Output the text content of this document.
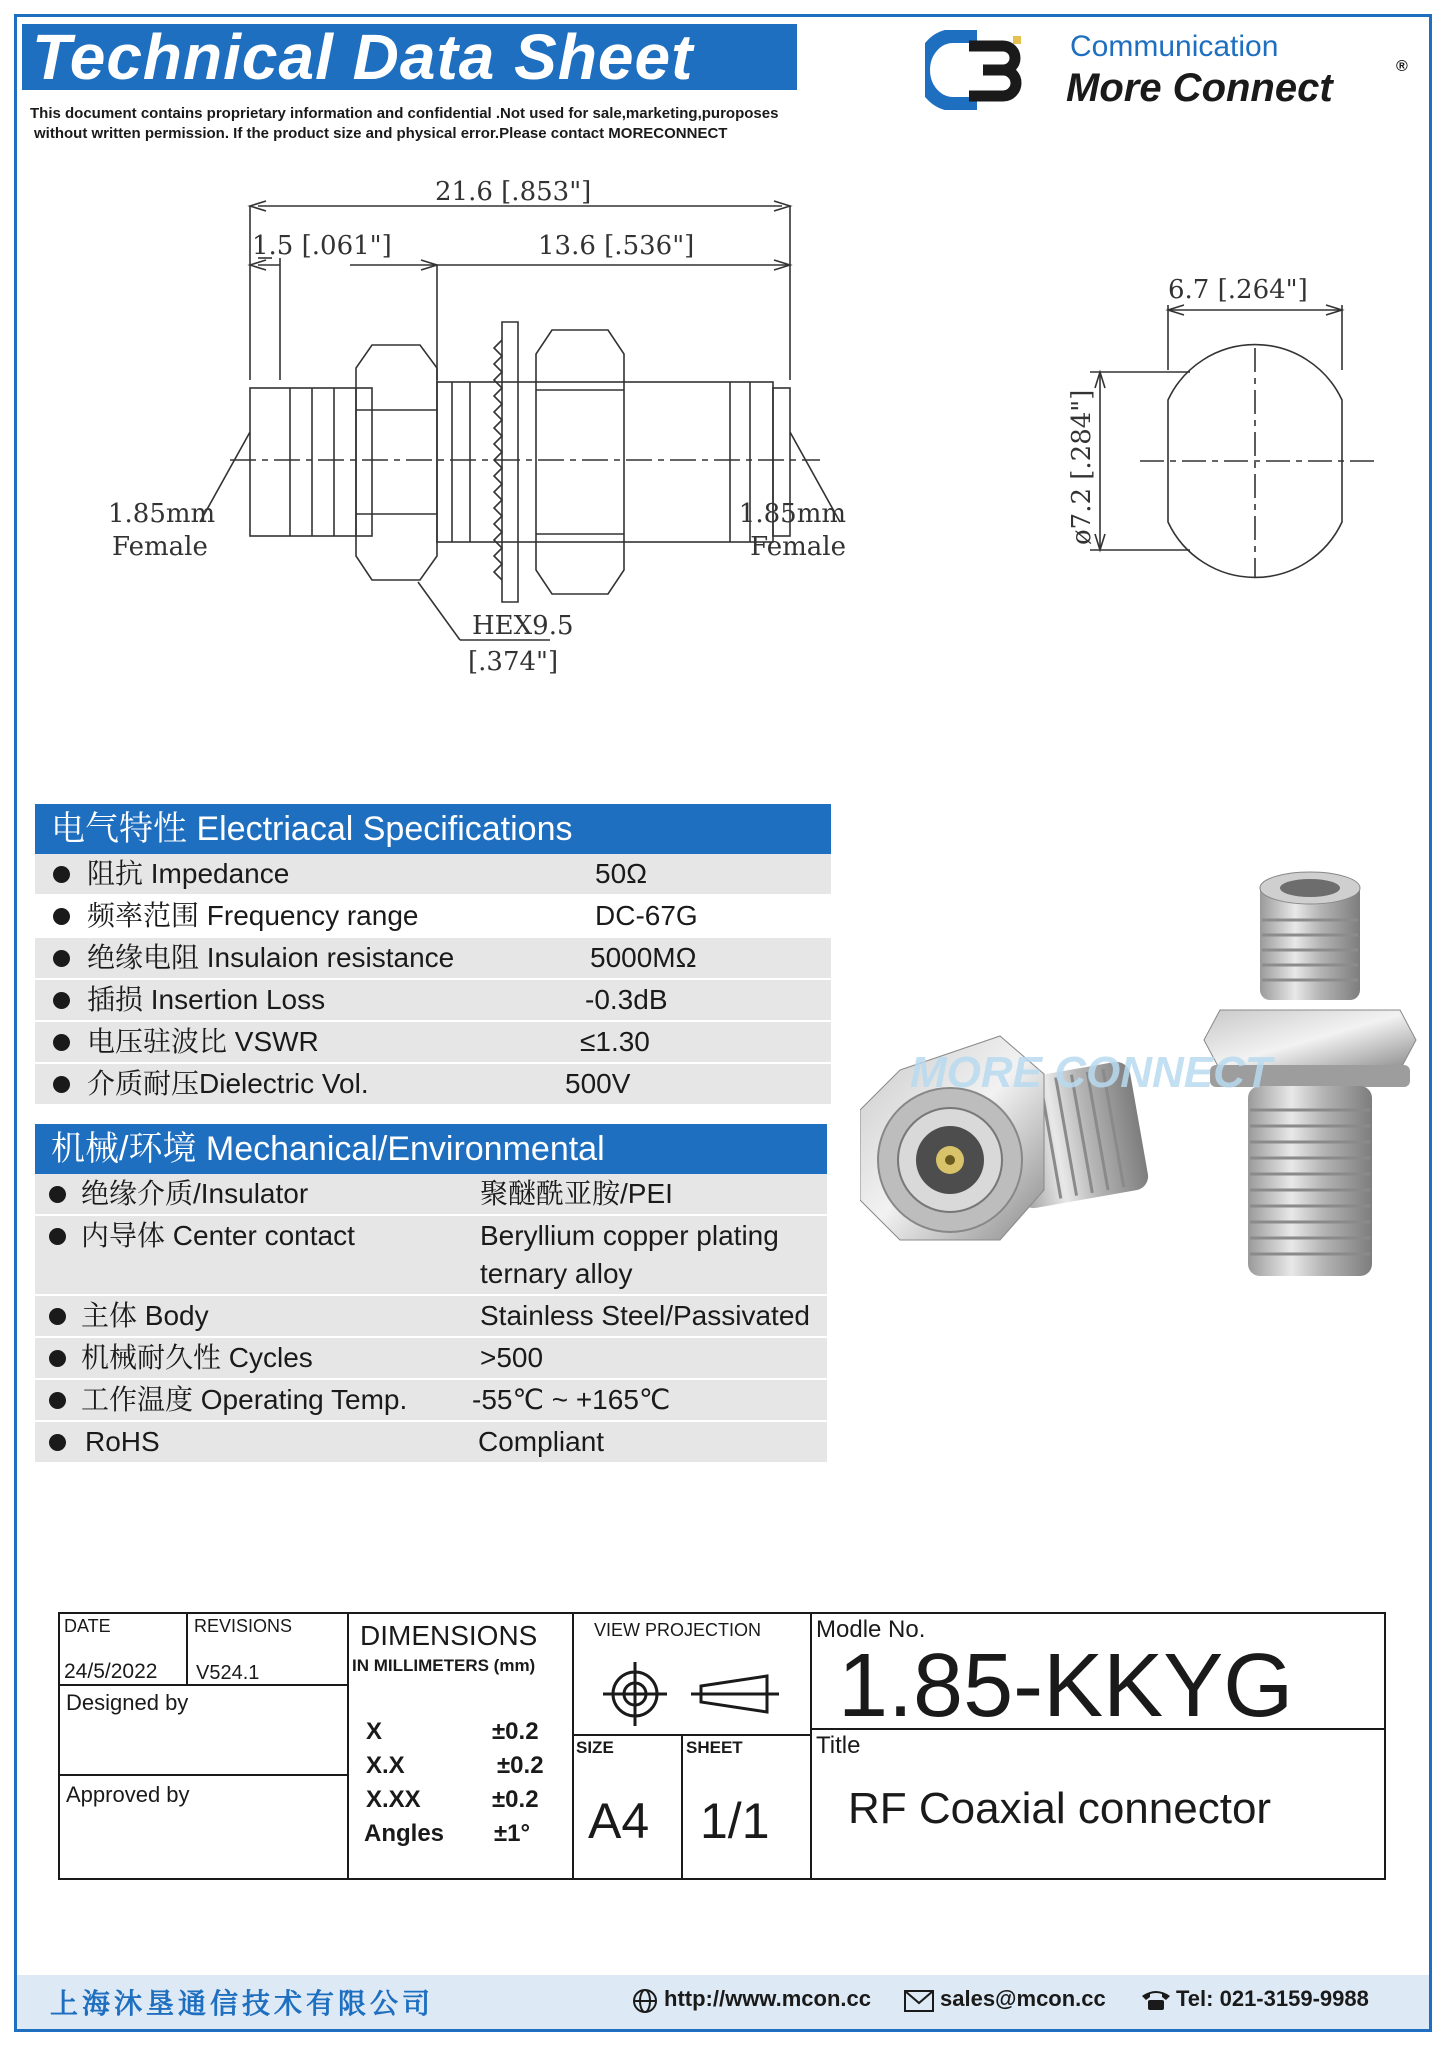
Technical Data Sheet
This document contains proprietary information and confidential .Not used for sale,marketing,puroposes
without written permission. If the product size and physical error.Please contact MORECONNECT
Communication
More Connect	®
21.6 [.853"]
1.5 [.061"]	13.6 [.536"]
1.85mm
Female
1.85mm
Female
HEX9.5
[.374"]
6.7 [.264"]
ø7.2 [.284"]
电气特性 Electriacal Specifications
阻抗 Impedance	50Ω
频率范围 Frequency range	DC-67G
绝缘电阻 Insulaion resistance	5000MΩ
插损 Insertion Loss	-0.3dB
电压驻波比 VSWR	≤1.30
介质耐压Dielectric Vol.	500V
机械/环境 Mechanical/Environmental
绝缘介质/Insulator	聚醚酰亚胺/PEI
内导体 Center contact	Beryllium copper plating
ternary alloy
主体 Body	Stainless Steel/Passivated
机械耐久性 Cycles	>500
工作温度 Operating Temp. -55℃ ~ +165℃
RoHS	Compliant
MORE CONNECT
DATE
24/5/2022
REVISIONS
V524.1
Designed by
Approved by
DIMENSIONS
IN MILLIMETERS (mm)
X	±0.2
X.X	±0.2
X.XX	±0.2
Angles ±1°
VIEW PROJECTION
SIZE
A4
SHEET
1/1
Modle No.
1.85-KKYG
Title
RF Coaxial connector
上海沐垦通信技术有限公司	http://www.mcon.cc	sales@mcon.cc	Tel: 021-3159-9988
